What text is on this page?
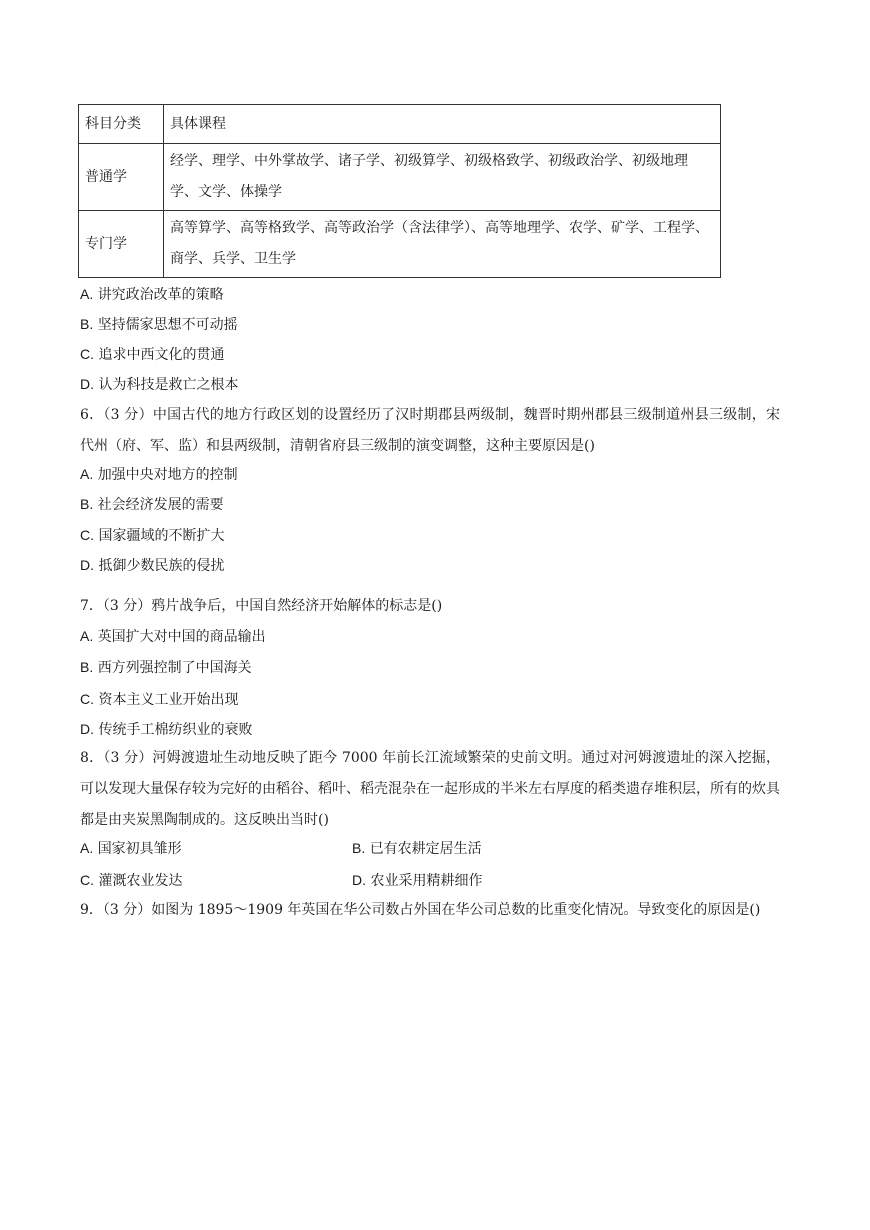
科目分类	具体课程
普通学	经学、理学、中外掌故学、诸子学、初级算学、初级格致学、初级政治学、初级地理学、文学、体操学
专门学	高等算学、高等格致学、高等政治学（含法律学）、高等地理学、农学、矿学、工程学、商学、兵学、卫生学
A. 讲究政治改革的策略
B. 坚持儒家思想不可动摇
C. 追求中西文化的贯通
D. 认为科技是救亡之根本
6．（3 分）中国古代的地方行政区划的设置经历了汉时期郡县两级制，魏晋时期州郡县三级制道州县三级制，宋代州（府、军、监）和县两级制，清朝省府县三级制的演变调整，这种主要原因是()
A. 加强中央对地方的控制
B. 社会经济发展的需要
C. 国家疆域的不断扩大
D. 抵御少数民族的侵扰
7．（3 分）鸦片战争后，中国自然经济开始解体的标志是()
A. 英国扩大对中国的商品输出
B. 西方列强控制了中国海关
C. 资本主义工业开始出现
D. 传统手工棉纺织业的衰败
8．（3 分）河姆渡遗址生动地反映了距今 7000 年前长江流域繁荣的史前文明。通过对河姆渡遗址的深入挖掘，可以发现大量保存较为完好的由稻谷、稻叶、稻壳混杂在一起形成的半米左右厚度的稻类遗存堆积层，所有的炊具都是由夹炭黑陶制成的。这反映出当时()
A. 国家初具雏形	B. 已有农耕定居生活
C. 灌溉农业发达	D. 农业采用精耕细作
9．（3 分）如图为 1895～1909 年英国在华公司数占外国在华公司总数的比重变化情况。导致变化的原因是()
